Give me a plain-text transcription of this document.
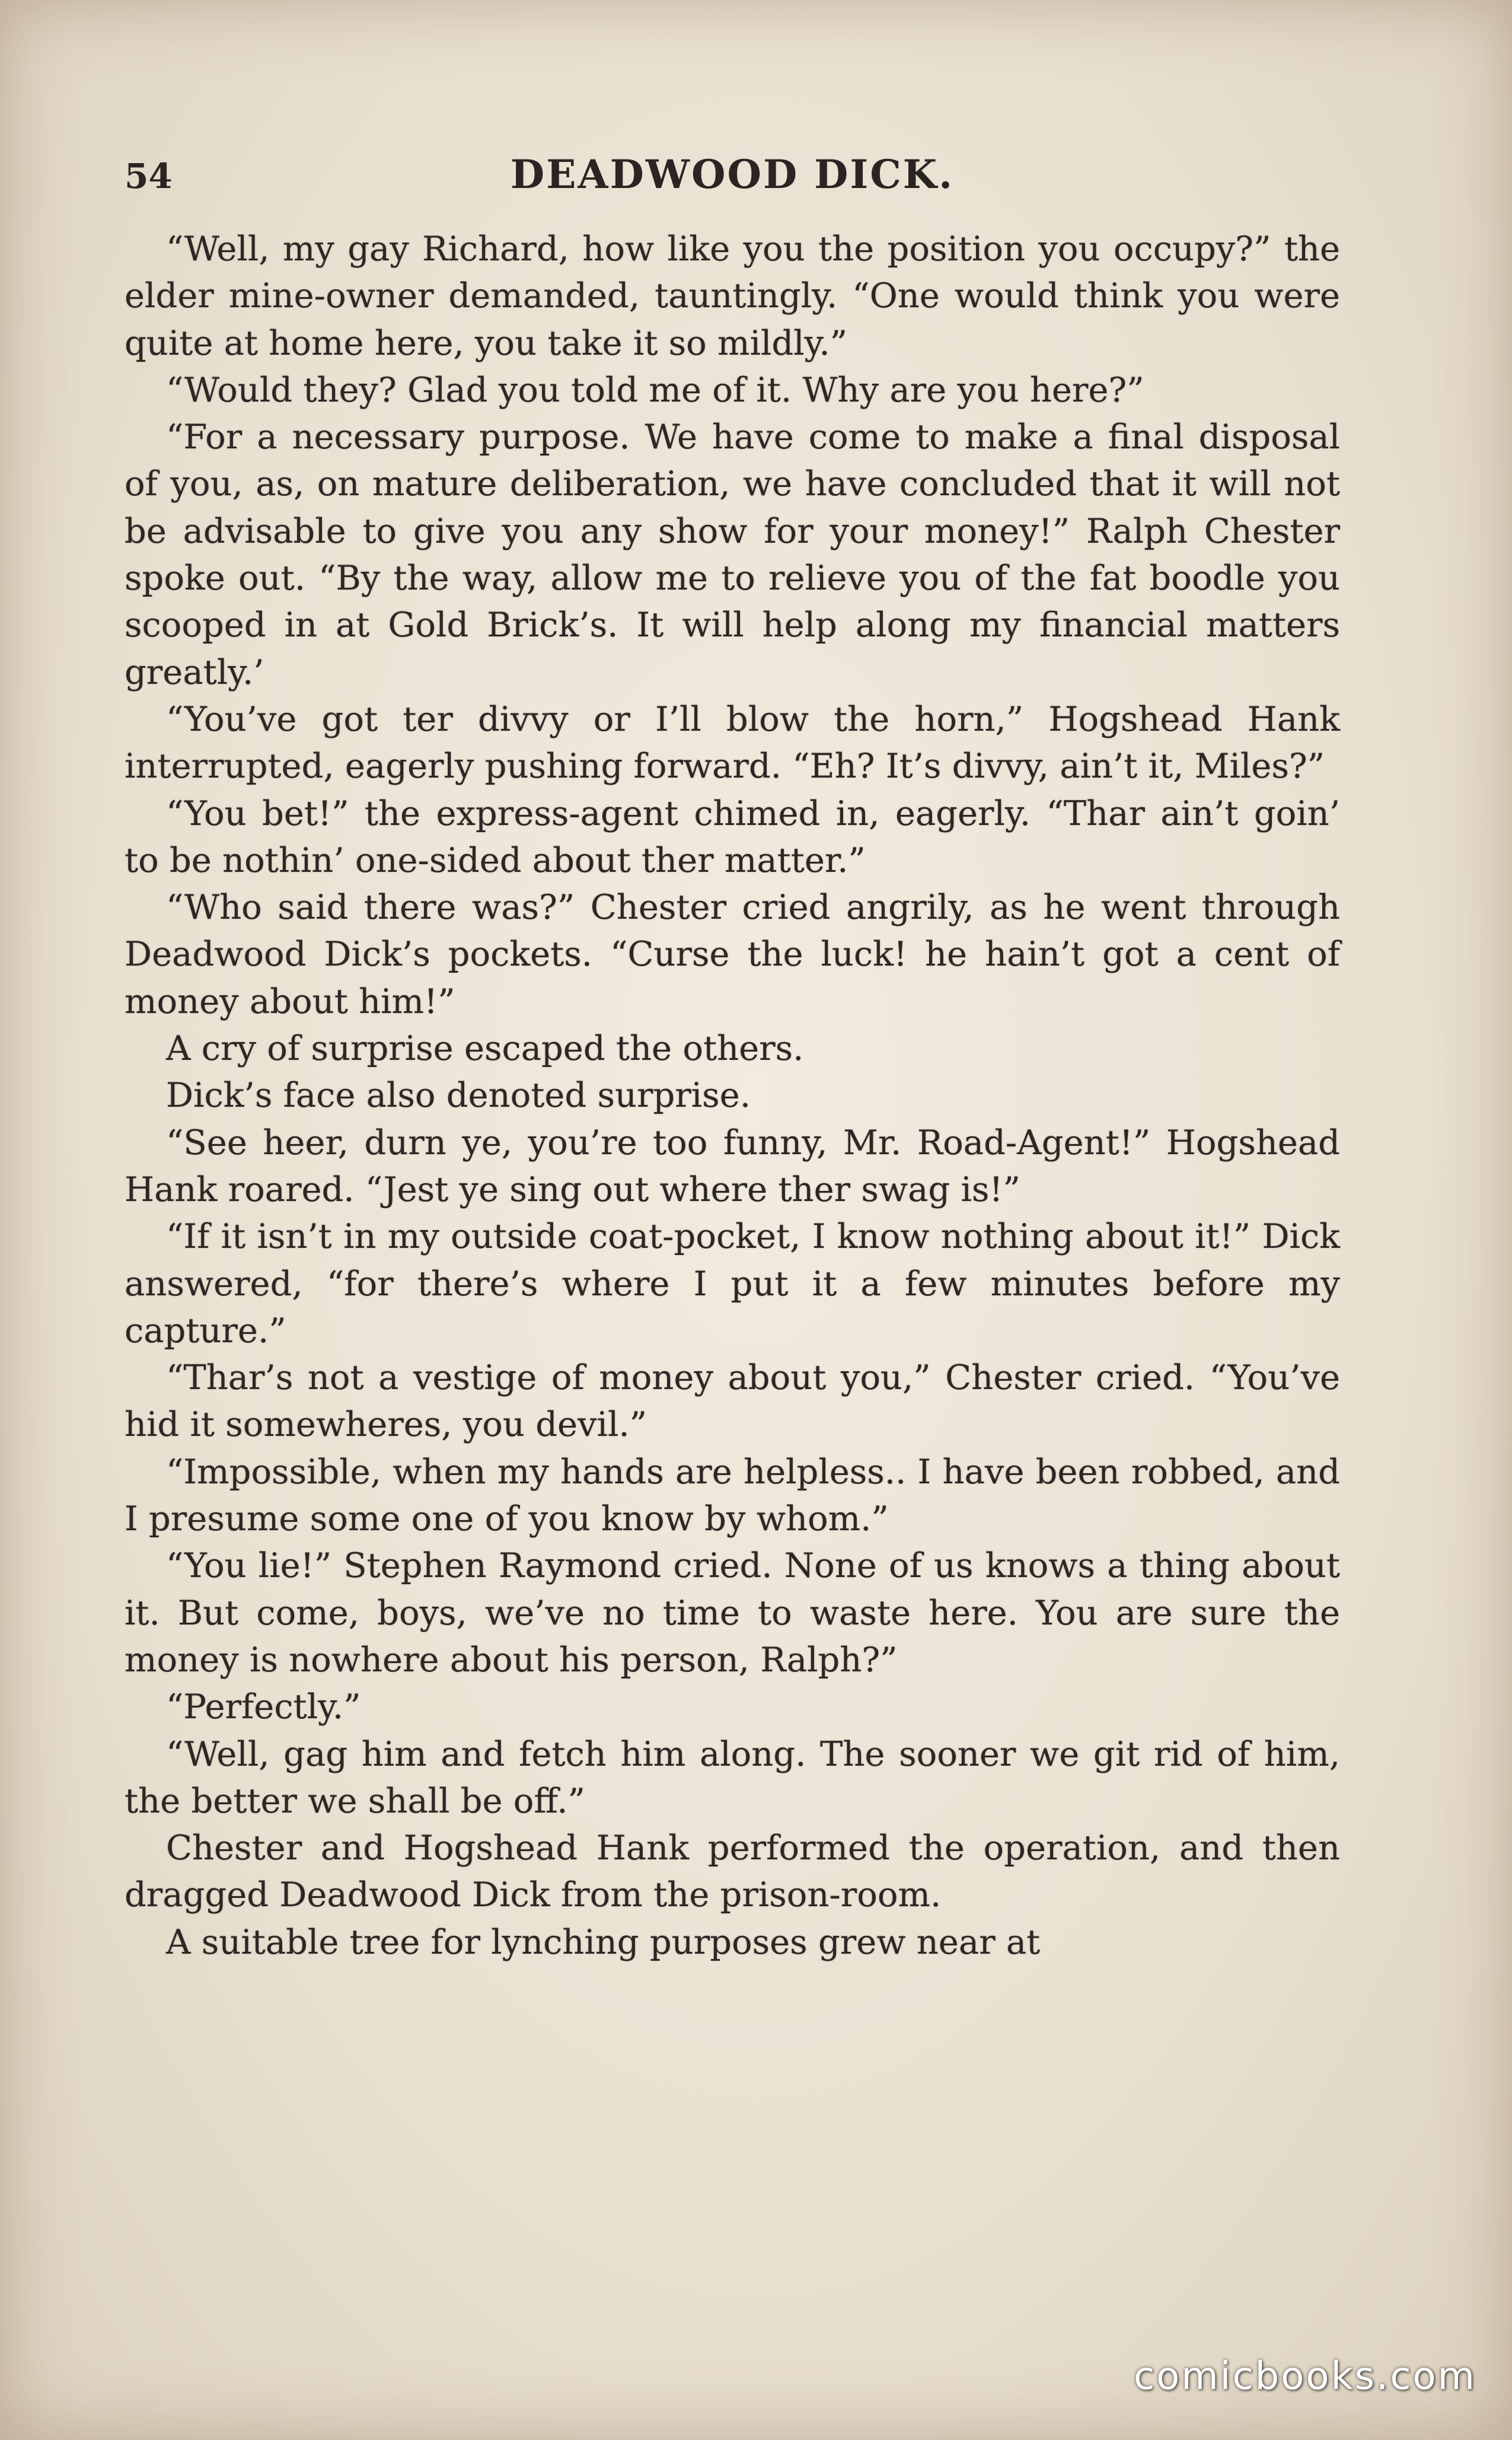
54	DEADWOOD DICK.

“Well, my gay Richard, how like you the position you occupy?” the elder mine-owner demanded, tauntingly. “One would think you were quite at home here, you take it so mildly.”

“Would they? Glad you told me of it. Why are you here?”

“For a necessary purpose. We have come to make a final disposal of you, as, on mature deliberation, we have concluded that it will not be advisable to give you any show for your money!” Ralph Chester spoke out. “By the way, allow me to relieve you of the fat boodle you scooped in at Gold Brick’s. It will help along my financial matters greatly.’

“You’ve got ter divvy or I’ll blow the horn,” Hogshead Hank interrupted, eagerly pushing forward. “Eh? It’s divvy, ain’t it, Miles?”

“You bet!” the express-agent chimed in, eagerly. “Thar ain’t goin’ to be nothin’ one-sided about ther matter.”

“Who said there was?” Chester cried angrily, as he went through Deadwood Dick’s pockets. “Curse the luck! he hain’t got a cent of money about him!”

A cry of surprise escaped the others.

Dick’s face also denoted surprise.

“See heer, durn ye, you’re too funny, Mr. Road-Agent!” Hogshead Hank roared. “Jest ye sing out where ther swag is!”

“If it isn’t in my outside coat-pocket, I know nothing about it!” Dick answered, “for there’s where I put it a few minutes before my capture.”

“Thar’s not a vestige of money about you,” Chester cried. “You’ve hid it somewheres, you devil.”

“Impossible, when my hands are helpless.. I have been robbed, and I presume some one of you know by whom.”

“You lie!” Stephen Raymond cried. None of us knows a thing about it. But come, boys, we’ve no time to waste here. You are sure the money is nowhere about his person, Ralph?”

“Perfectly.”

“Well, gag him and fetch him along. The sooner we git rid of him, the better we shall be off.”

Chester and Hogshead Hank performed the operation, and then dragged Deadwood Dick from the prison-room.

A suitable tree for lynching purposes grew near at

comicbooks.com
